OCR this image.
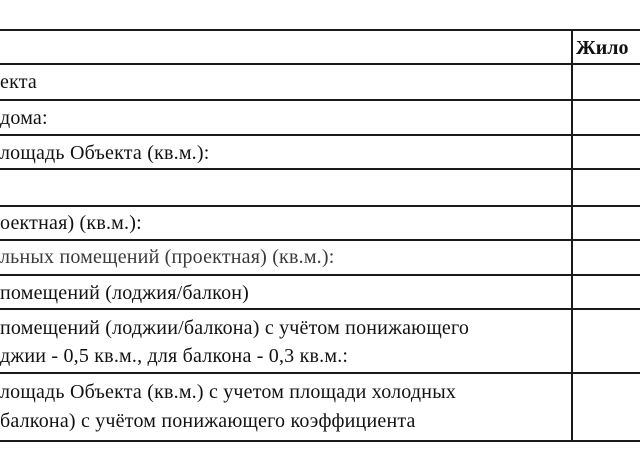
Жило
екта
дома:
лощадь Объекта (кв.м.):
оектная) (кв.м.):
льных помещений (проектная) (кв.м.):
помещений (лоджия/балкон)
помещений (лоджии/балкона) с учётом понижающего
джии - 0,5 кв.м., для балкона - 0,3 кв.м.:
лощадь Объекта (кв.м.) с учетом площади холодных
балкона) с учётом понижающего коэффициента
